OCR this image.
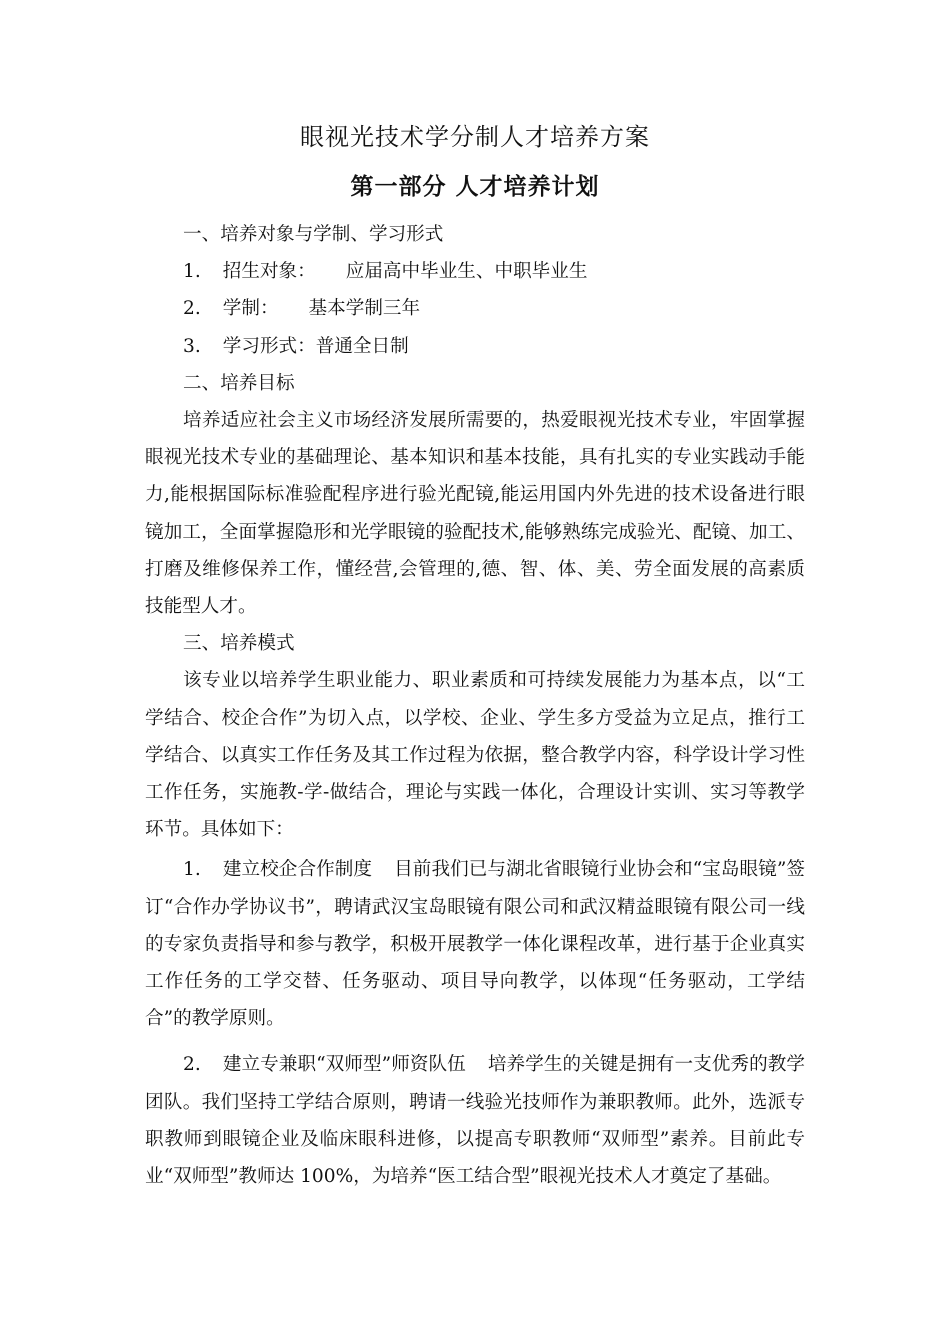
眼视光技术学分制人才培养方案
第一部分 人才培养计划

一、培养对象与学制、学习形式

1. 招生对象： 应届高中毕业生、中职毕业生

2. 学制： 基本学制三年

3. 学习形式：普通全日制

二、培养目标

培养适应社会主义市场经济发展所需要的，热爱眼视光技术专业，牢固掌握眼视光技术专业的基础理论、基本知识和基本技能，具有扎实的专业实践动手能力,能根据国际标准验配程序进行验光配镜,能运用国内外先进的技术设备进行眼镜加工，全面掌握隐形和光学眼镜的验配技术,能够熟练完成验光、配镜、加工、打磨及维修保养工作，懂经营,会管理的,德、智、体、美、劳全面发展的高素质技能型人才。

三、培养模式

该专业以培养学生职业能力、职业素质和可持续发展能力为基本点，以“工学结合、校企合作”为切入点，以学校、企业、学生多方受益为立足点，推行工学结合、以真实工作任务及其工作过程为依据，整合教学内容，科学设计学习性工作任务，实施教-学-做结合，理论与实践一体化，合理设计实训、实习等教学环节。具体如下：

1. 建立校企合作制度 目前我们已与湖北省眼镜行业协会和“宝岛眼镜”签订“合作办学协议书”，聘请武汉宝岛眼镜有限公司和武汉精益眼镜有限公司一线的专家负责指导和参与教学，积极开展教学一体化课程改革，进行基于企业真实工作任务的工学交替、任务驱动、项目导向教学，以体现“任务驱动，工学结合”的教学原则。

2. 建立专兼职“双师型”师资队伍 培养学生的关键是拥有一支优秀的教学团队。我们坚持工学结合原则，聘请一线验光技师作为兼职教师。此外，选派专职教师到眼镜企业及临床眼科进修，以提高专职教师“双师型”素养。目前此专业“双师型”教师达 100%，为培养“医工结合型”眼视光技术人才奠定了基础。
